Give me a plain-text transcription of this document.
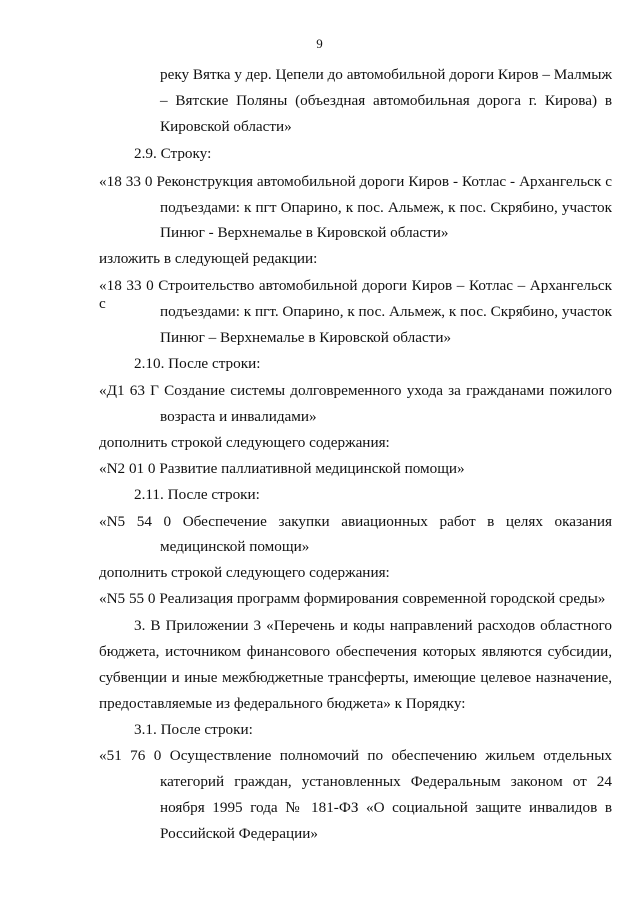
9
реку Вятка у дер. Цепели до автомобильной дороги Киров – Малмыж
– Вятские Поляны (объездная автомобильная дорога г. Кирова) в
Кировской области»
2.9. Строку:
«18 33 0 Реконструкция автомобильной дороги Киров - Котлас - Архангельск с
подъездами: к пгт Опарино, к пос. Альмеж, к пос. Скрябино, участок
Пинюг - Верхнемалье в Кировской области»
изложить в следующей редакции:
«18 33 0 Строительство автомобильной дороги Киров – Котлас – Архангельск с	подъездами: к пгт. Опарино, к пос. Альмеж, к пос. Скрябино, участок
Пинюг – Верхнемалье в Кировской области»
2.10. После строки:
«Д1 63 Г Создание системы долговременного ухода за гражданами пожилого
возраста и инвалидами»
дополнить строкой следующего содержания:
«N2 01 0 Развитие паллиативной медицинской помощи»
2.11. После строки:
«N5 54 0 Обеспечение закупки авиационных работ в целях оказания
медицинской помощи»
дополнить строкой следующего содержания:
«N5 55 0 Реализация программ формирования современной городской среды»
3. В Приложении 3 «Перечень и коды направлений расходов областного
бюджета, источником финансового обеспечения которых являются субсидии,
субвенции и иные межбюджетные трансферты, имеющие целевое назначение,
предоставляемые из федерального бюджета» к Порядку:
3.1. После строки:
«51 76 0 Осуществление полномочий по обеспечению жильем отдельных
категорий граждан, установленных Федеральным законом от 24
ноября 1995 года № 181-ФЗ «О социальной защите инвалидов в
Российской Федерации»
